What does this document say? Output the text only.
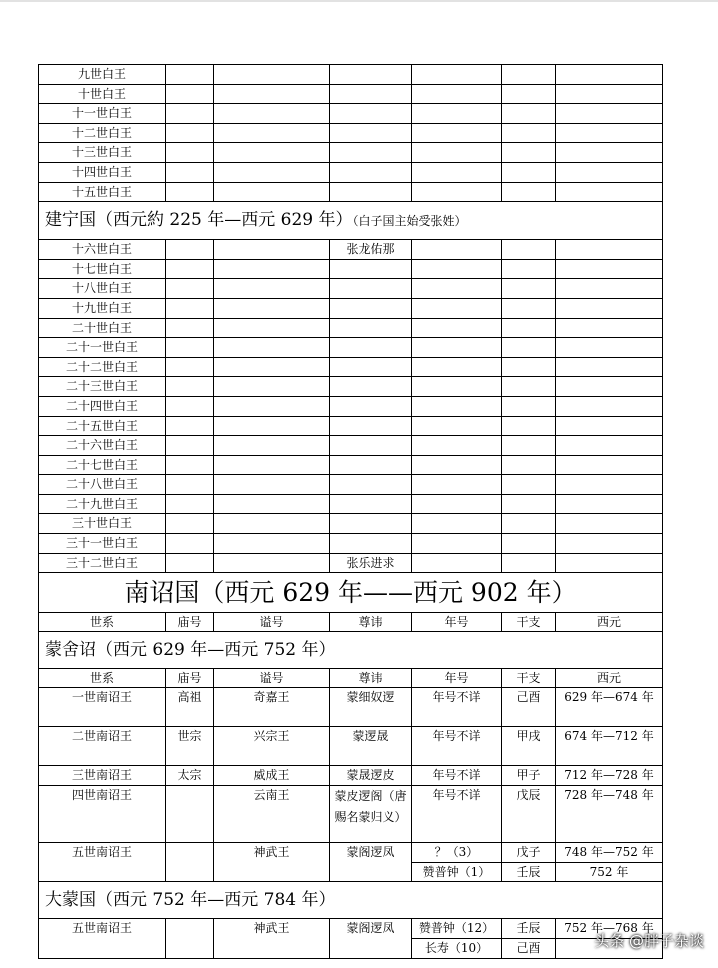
九世白王						
十世白王						
十一世白王						
十二世白王						
十三世白王						
十四世白王						
十五世白王						
建宁国（西元約 225 年—西元 629 年）（白子国主始受张姓）						
十六世白王			张龙佑那			
十七世白王						
十八世白王						
十九世白王						
二十世白王						
二十一世白王						
二十二世白王						
二十三世白王						
二十四世白王						
二十五世白王						
二十六世白王						
二十七世白王						
二十八世白王						
二十九世白王						
三十世白王						
三十一世白王						
三十二世白王			张乐进求			
南诏国（西元 629 年——西元 902 年）						
世系	庙号	谥号	尊讳	年号	干支	西元
蒙舍诏（西元 629 年—西元 752 年）						
世系	庙号	谥号	尊讳	年号	干支	西元
一世南诏王	高祖	奇嘉王	蒙细奴逻	年号不详	己酉	629 年—674 年
二世南诏王	世宗	兴宗王	蒙逻晟	年号不详	甲戌	674 年—712 年
三世南诏王	太宗	威成王	蒙晟逻皮	年号不详	甲子	712 年—728 年
四世南诏王		云南王	蒙皮逻阁（唐赐名蒙归义）	年号不详	戊辰	728 年—748 年
五世南诏王		神武王	蒙阁逻凤	？（3）	戊子	748 年—752 年
				赞普钟（1）	壬辰	752 年
大蒙国（西元 752 年—西元 784 年）						
五世南诏王		神武王	蒙阁逻凤	赞普钟（12）	壬辰	752 年—768 年
				长寿（10）	己酉		头条 @胖子杂谈
